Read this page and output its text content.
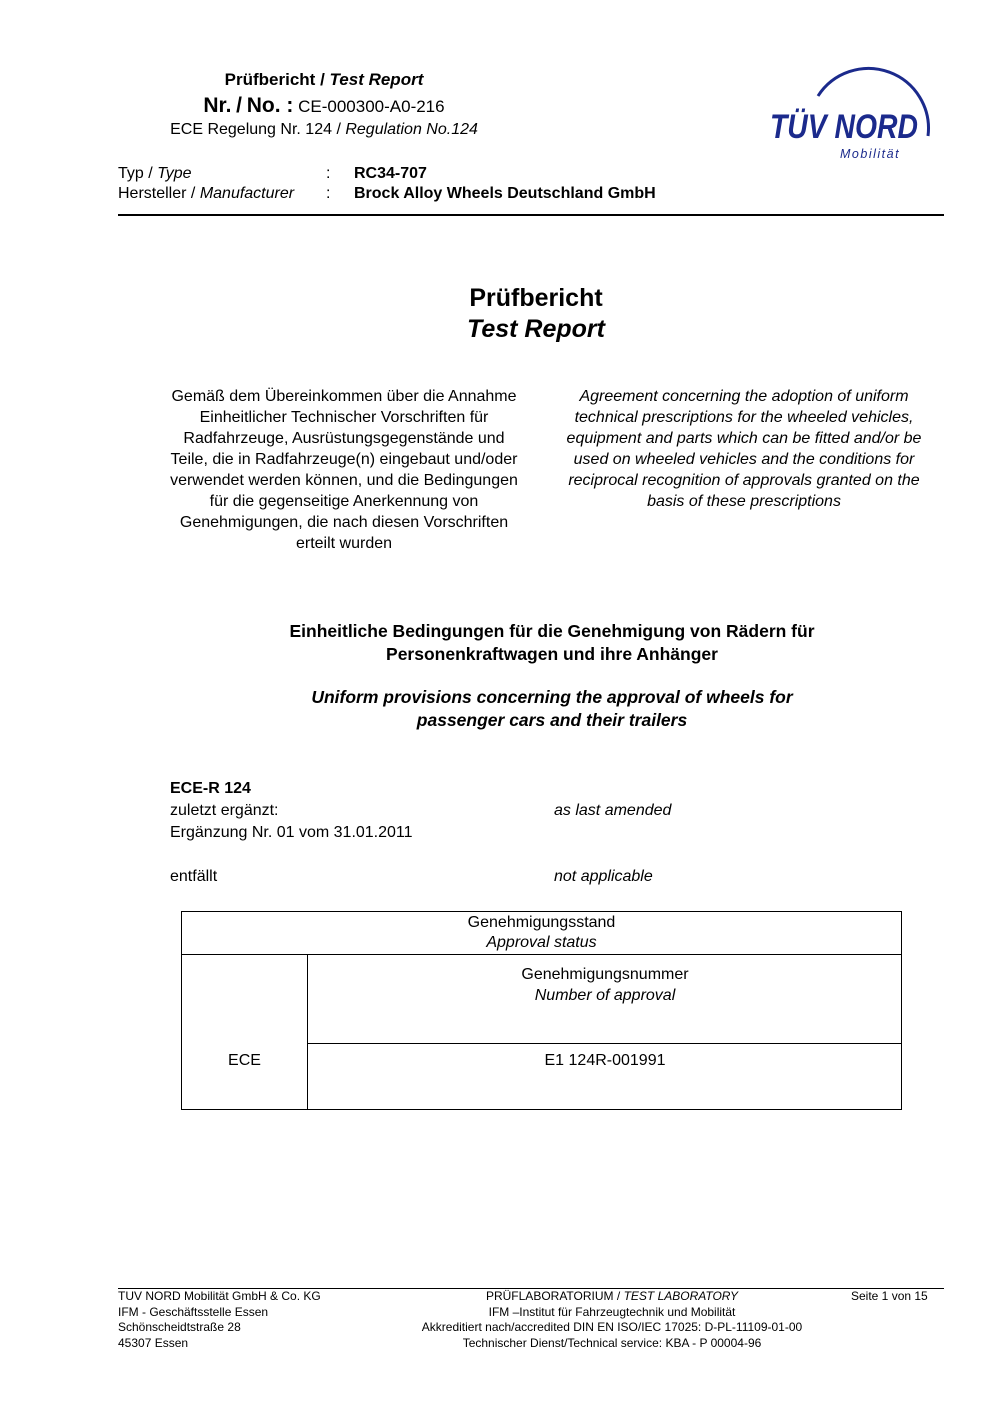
Prüfbericht / Test Report
Nr. / No. : CE-000300-A0-216
ECE Regelung Nr. 124 / Regulation No.124
Typ / Type	: RC34-707
Hersteller / Manufacturer : Brock Alloy Wheels Deutschland GmbH
TÜV NORD
Mobilität
Prüfbericht
Test Report
Gemäß dem Übereinkommen über die Annahme Einheitlicher Technischer Vorschriften für Radfahrzeuge, Ausrüstungsgegenstände und Teile, die in Radfahrzeuge(n) eingebaut und/oder verwendet werden können, und die Bedingungen für die gegenseitige Anerkennung von Genehmigungen, die nach diesen Vorschriften erteilt wurden
Agreement concerning the adoption of uniform technical prescriptions for the wheeled vehicles, equipment and parts which can be fitted and/or be used on wheeled vehicles and the conditions for reciprocal recognition of approvals granted on the basis of these prescriptions
Einheitliche Bedingungen für die Genehmigung von Rädern für
Personenkraftwagen und ihre Anhänger
Uniform provisions concerning the approval of wheels for
passenger cars and their trailers
ECE-R 124
zuletzt ergänzt:	as last amended
Ergänzung Nr. 01 vom 31.01.2011
entfällt	not applicable
Genehmigungsstand
Approval status
Genehmigungsnummer
Number of approval
ECE	E1 124R-001991
TUV NORD Mobilität GmbH & Co. KG
IFM - Geschäftsstelle Essen
Schönscheidtstraße 28
45307 Essen
PRÜFLABORATORIUM / TEST LABORATORY
IFM –Institut für Fahrzeugtechnik und Mobilität
Akkreditiert nach/accredited DIN EN ISO/IEC 17025: D-PL-11109-01-00
Technischer Dienst/Technical service: KBA - P 00004-96
Seite 1 von 15
